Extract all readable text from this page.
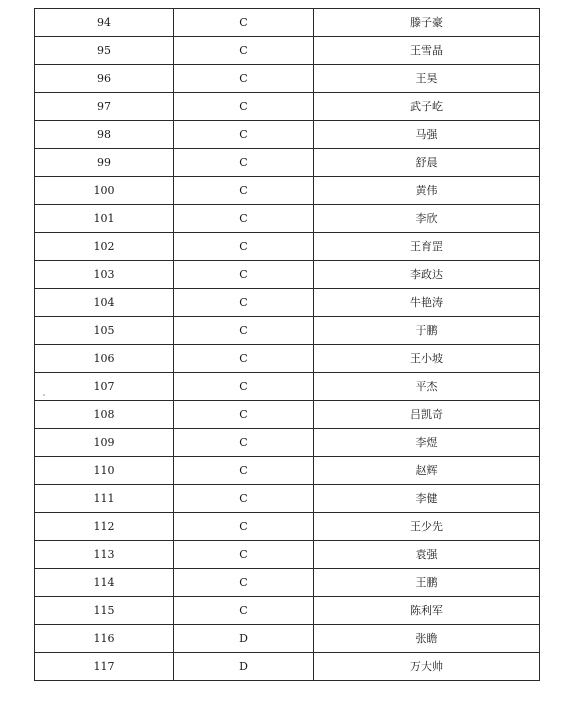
94	C	滕子豪
95	C	王雪晶
96	C	王昊
97	C	武子屹
98	C	马强
99	C	舒晨
100	C	黄伟
101	C	李欣
102	C	王育罡
103	C	李政达
104	C	牛艳涛
105	C	于鹏
106	C	王小坡
107	C	平杰
108	C	吕凯奇
109	C	李煜
110	C	赵辉
111	C	李健
112	C	王少先
113	C	袁强
114	C	王鹏
115	C	陈利军
116	D	张瞻
117	D	万大帅
